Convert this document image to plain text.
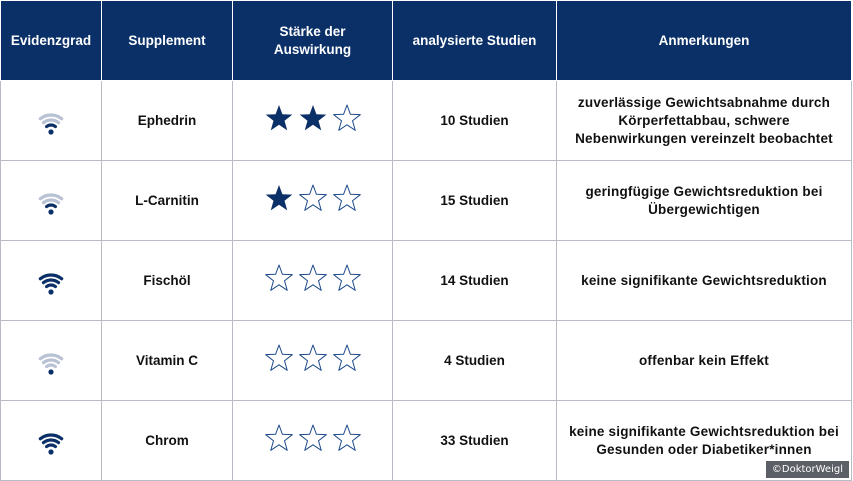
Evidenzgrad	Supplement	Stärke der Auswirkung	analysierte Studien	Anmerkungen

	Ephedrin		10 Studien	zuverlässige Gewichtsabnahme durch Körperfettabbau, schwere Nebenwirkungen vereinzelt beobachtet

	L-Carnitin		15 Studien	geringfügige Gewichtsreduktion bei Übergewichtigen

	Fischöl		14 Studien	keine signifikante Gewichtsreduktion

	Vitamin C		4 Studien	offenbar kein Effekt

	Chrom		33 Studien	keine signifikante Gewichtsreduktion bei Gesunden oder Diabetiker*innen
©DoktorWeigl
